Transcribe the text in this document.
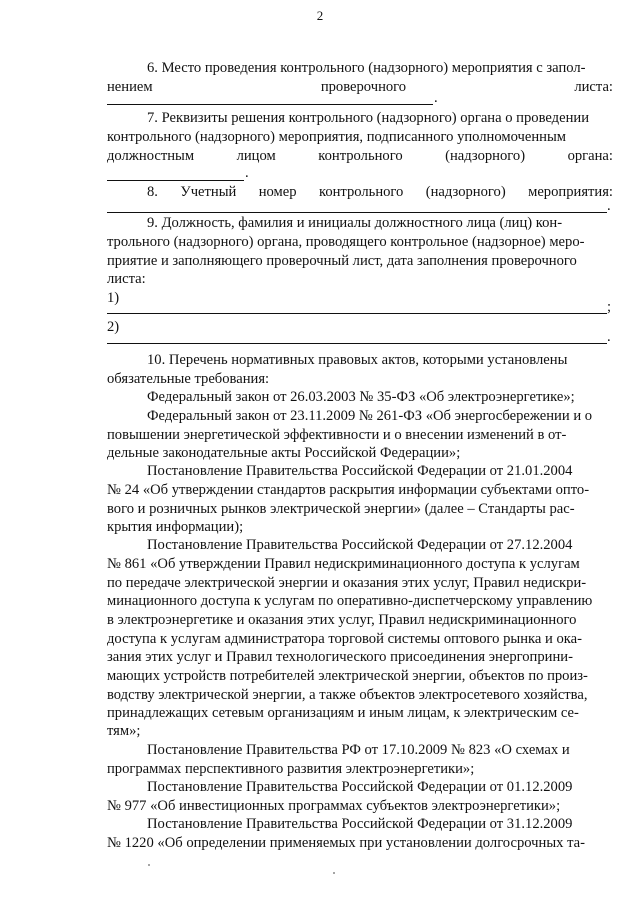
2
6. Место проведения контрольного (надзорного) мероприятия с запол-
нением	проверочного	листа:
.
7. Реквизиты решения контрольного (надзорного) органа о проведении
контрольного (надзорного) мероприятия, подписанного уполномоченным
должностным	лицом	контрольного	(надзорного)	органа:
.
8. Учетный номер контрольного (надзорного) мероприятия:
.
9. Должность, фамилия и инициалы должностного лица (лиц) кон-
трольного (надзорного) органа, проводящего контрольное (надзорное) меро-
приятие и заполняющего проверочный лист, дата заполнения проверочного
листа:
1)
;
2)
.
10. Перечень нормативных правовых актов, которыми установлены
обязательные требования:
Федеральный закон от 26.03.2003 № 35-ФЗ «Об электроэнергетике»;
Федеральный закон от 23.11.2009 № 261-ФЗ «Об энергосбережении и о
повышении энергетической эффективности и о внесении изменений в от-
дельные законодательные акты Российской Федерации»;
Постановление Правительства Российской Федерации от 21.01.2004
№ 24 «Об утверждении стандартов раскрытия информации субъектами опто-
вого и розничных рынков электрической энергии» (далее – Стандарты рас-
крытия информации);
Постановление Правительства Российской Федерации от 27.12.2004
№ 861 «Об утверждении Правил недискриминационного доступа к услугам
по передаче электрической энергии и оказания этих услуг, Правил недискри-
минационного доступа к услугам по оперативно-диспетчерскому управлению
в электроэнергетике и оказания этих услуг, Правил недискриминационного
доступа к услугам администратора торговой системы оптового рынка и ока-
зания этих услуг и Правил технологического присоединения энергоприни-
мающих устройств потребителей электрической энергии, объектов по произ-
водству электрической энергии, а также объектов электросетевого хозяйства,
принадлежащих сетевым организациям и иным лицам, к электрическим се-
тям»;
Постановление Правительства РФ от 17.10.2009 № 823 «О схемах и
программах перспективного развития электроэнергетики»;
Постановление Правительства Российской Федерации от 01.12.2009
№ 977 «Об инвестиционных программах субъектов электроэнергетики»;
Постановление Правительства Российской Федерации от 31.12.2009
№ 1220 «Об определении применяемых при установлении долгосрочных та-
